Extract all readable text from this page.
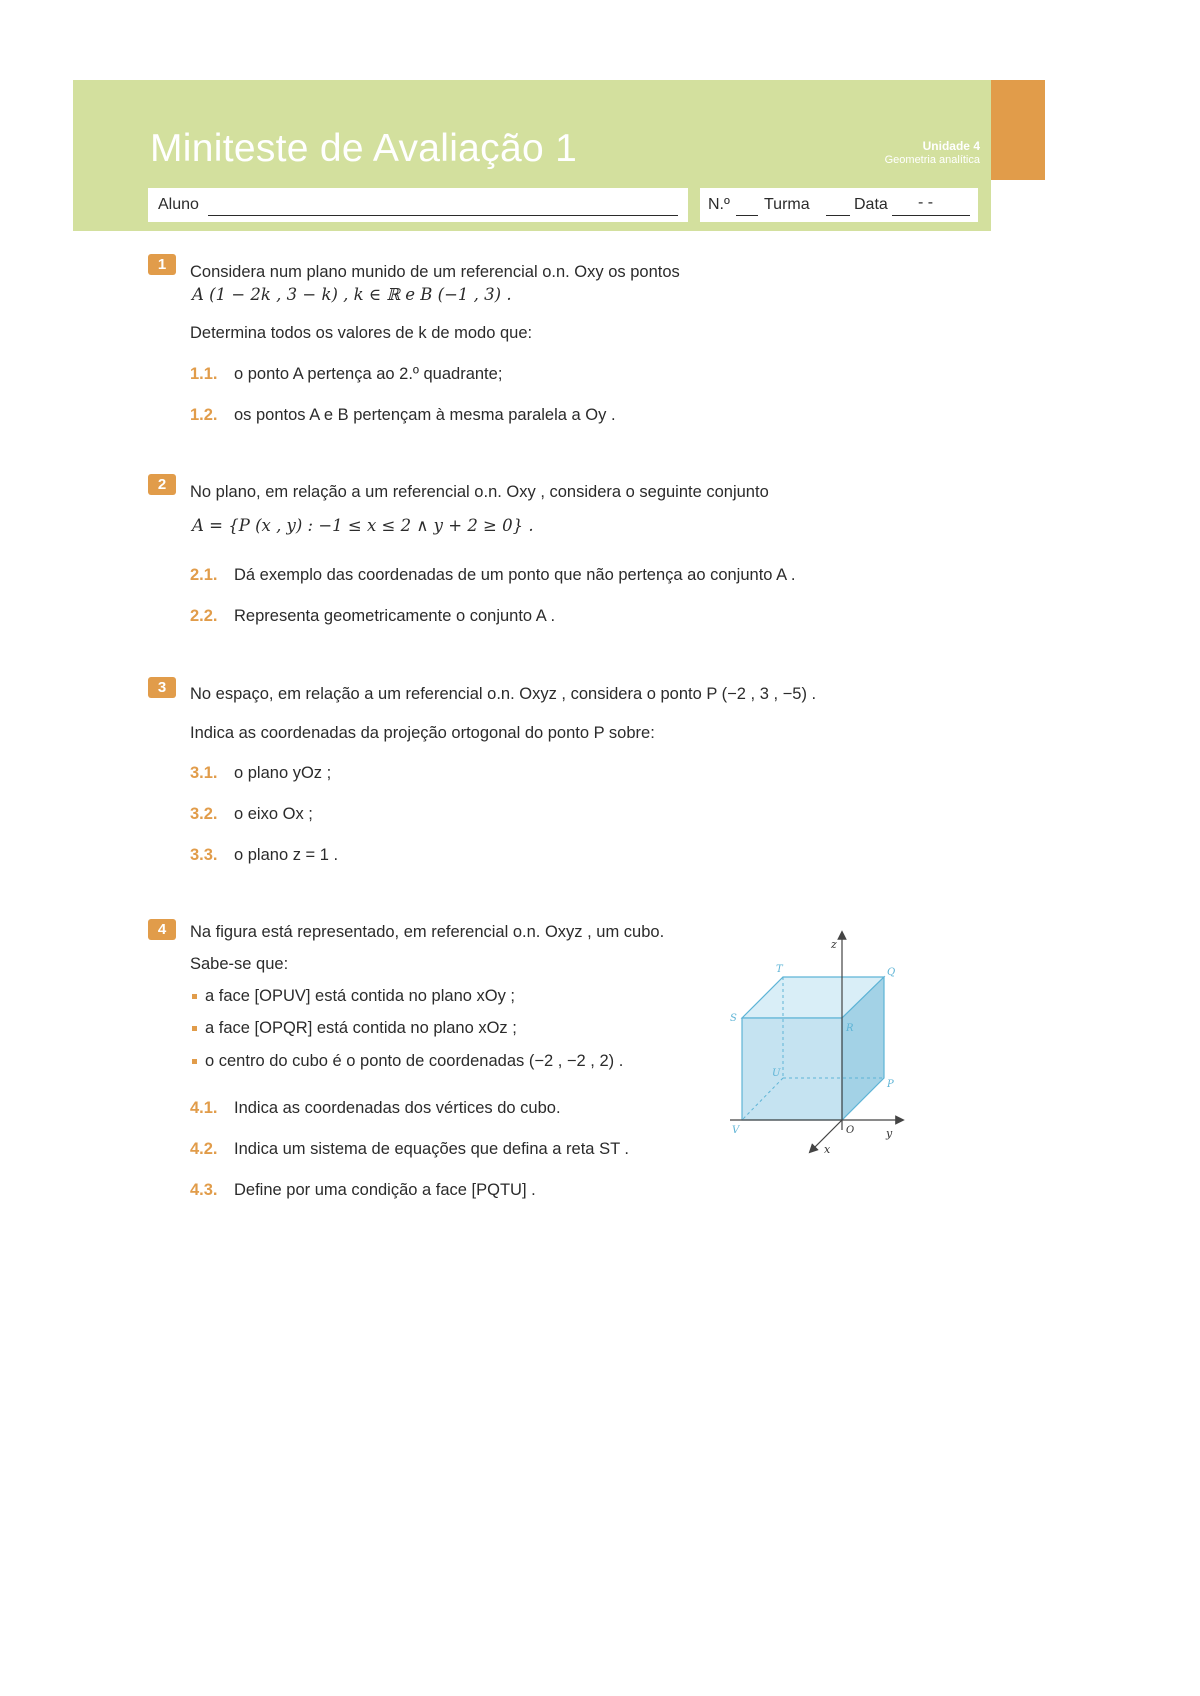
Miniteste de Avaliação 1	Unidade 4
Geometria analítica
Aluno	N.º Turma	Data - -
1	Considera num plano munido de um referencial o.n. Oxy os pontos
A (1 − 2k , 3 − k) , k ∈ ℝ e B (−1 , 3) .
Determina todos os valores de k de modo que:
1.1. o ponto A pertença ao 2.º quadrante;
1.2. os pontos A e B pertençam à mesma paralela a Oy .
2	No plano, em relação a um referencial o.n. Oxy , considera o seguinte conjunto
A = {P (x , y) : −1 ≤ x ≤ 2 ∧ y + 2 ≥ 0} .
2.1. Dá exemplo das coordenadas de um ponto que não pertença ao conjunto A .
2.2. Representa geometricamente o conjunto A .
3	No espaço, em relação a um referencial o.n. Oxyz , considera o ponto P (−2 , 3 , −5) .
Indica as coordenadas da projeção ortogonal do ponto P sobre:
3.1. o plano yOz ;
3.2. o eixo Ox ;
3.3. o plano z = 1 .
4	Na figura está representado, em referencial o.n. Oxyz , um cubo.
Sabe-se que:
a face [OPUV] está contida no plano xOy ;
a face [OPQR] está contida no plano xOz ;
o centro do cubo é o ponto de coordenadas (−2 , −2 , 2) .
4.1. Indica as coordenadas dos vértices do cubo.
4.2. Indica um sistema de equações que defina a reta ST .
4.3. Define por uma condição a face [PQTU] .
z
y
x
O
P
Q
R
S
T
U
V
